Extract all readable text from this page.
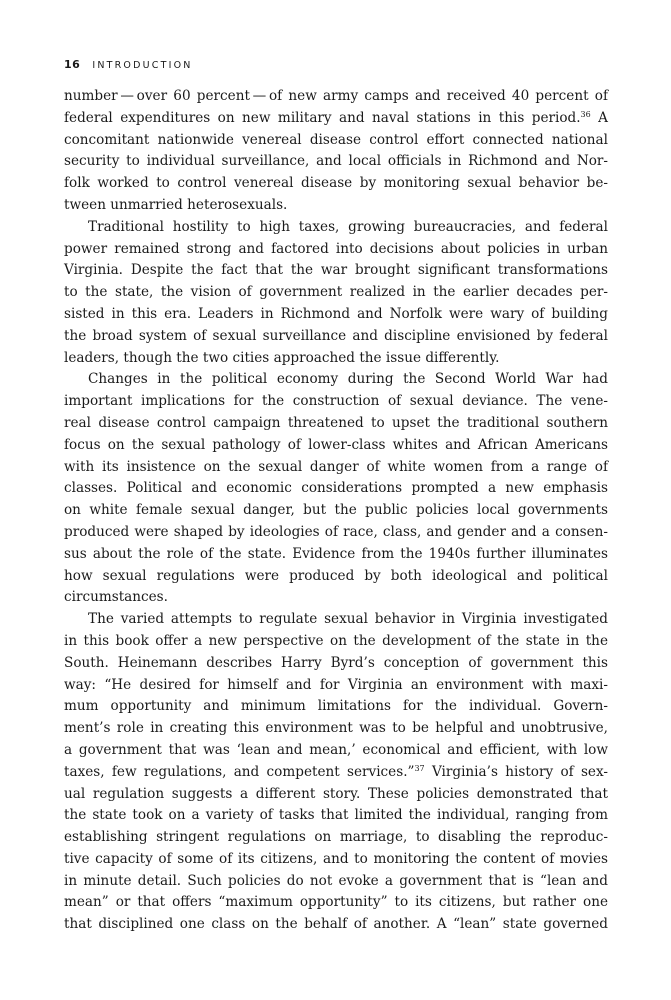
16 INTRODUCTION

number — over 60 percent — of new army camps and received 40 percent of
federal expenditures on new military and naval stations in this period.$^{36}$ A
concomitant nationwide venereal disease control effort connected national
security to individual surveillance, and local officials in Richmond and Nor-
folk worked to control venereal disease by monitoring sexual behavior be-
tween unmarried heterosexuals.

Traditional hostility to high taxes, growing bureaucracies, and federal
power remained strong and factored into decisions about policies in urban
Virginia. Despite the fact that the war brought significant transformations
to the state, the vision of government realized in the earlier decades per-
sisted in this era. Leaders in Richmond and Norfolk were wary of building
the broad system of sexual surveillance and discipline envisioned by federal
leaders, though the two cities approached the issue differently.

Changes in the political economy during the Second World War had
important implications for the construction of sexual deviance. The vene-
real disease control campaign threatened to upset the traditional southern
focus on the sexual pathology of lower-class whites and African Americans
with its insistence on the sexual danger of white women from a range of
classes. Political and economic considerations prompted a new emphasis
on white female sexual danger, but the public policies local governments
produced were shaped by ideologies of race, class, and gender and a consen-
sus about the role of the state. Evidence from the 1940s further illuminates
how sexual regulations were produced by both ideological and political
circumstances.

The varied attempts to regulate sexual behavior in Virginia investigated
in this book offer a new perspective on the development of the state in the
South. Heinemann describes Harry Byrd’s conception of government this
way: “He desired for himself and for Virginia an environment with maxi-
mum opportunity and minimum limitations for the individual. Govern-
ment’s role in creating this environment was to be helpful and unobtrusive,
a government that was ‘lean and mean,’ economical and efficient, with low
taxes, few regulations, and competent services.”$^{37}$ Virginia’s history of sex-
ual regulation suggests a different story. These policies demonstrated that
the state took on a variety of tasks that limited the individual, ranging from
establishing stringent regulations on marriage, to disabling the reproduc-
tive capacity of some of its citizens, and to monitoring the content of movies
in minute detail. Such policies do not evoke a government that is “lean and
mean” or that offers “maximum opportunity” to its citizens, but rather one
that disciplined one class on the behalf of another. A “lean” state governed
